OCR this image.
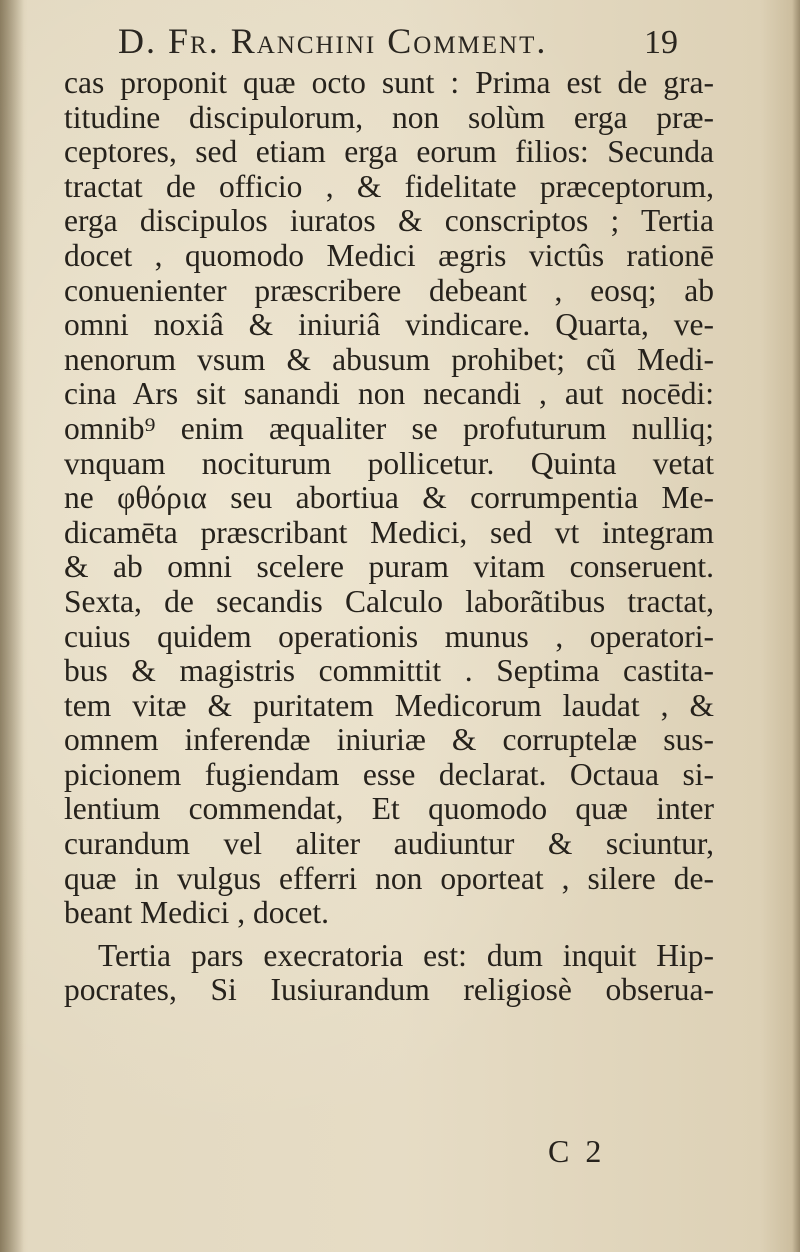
D. Fr. Ranchini Comment.	19
cas proponit quæ octo sunt : Prima est de gra-
titudine discipulorum, non solùm erga præ-
ceptores, sed etiam erga eorum filios: Secunda
tractat de officio , & fidelitate præceptorum,
erga discipulos iuratos & conscriptos ; Tertia
docet , quomodo Medici ægris victûs rationē
conuenienter præscribere debeant , eosq; ab
omni noxiâ & iniuriâ vindicare. Quarta, ve-
nenorum vsum & abusum prohibet; cũ Medi-
cina Ars sit sanandi non necandi , aut nocēdi:
omnib⁹ enim æqualiter se profuturum nulliq;
vnquam nociturum pollicetur. Quinta vetat
ne φθόρια seu abortiua & corrumpentia Me-
dicamēta præscribant Medici, sed vt integram
& ab omni scelere puram vitam conseruent.
Sexta, de secandis Calculo laborãtibus tractat,
cuius quidem operationis munus , operatori-
bus & magistris committit . Septima castita-
tem vitæ & puritatem Medicorum laudat , &
omnem inferendæ iniuriæ & corruptelæ sus-
picionem fugiendam esse declarat. Octaua si-
lentium commendat, Et quomodo quæ inter
curandum vel aliter audiuntur & sciuntur,
quæ in vulgus efferri non oporteat , silere de-
beant Medici , docet.
Tertia pars execratoria est: dum inquit Hip-
pocrates, Si Iusiurandum religiosè obserua-
C 2
